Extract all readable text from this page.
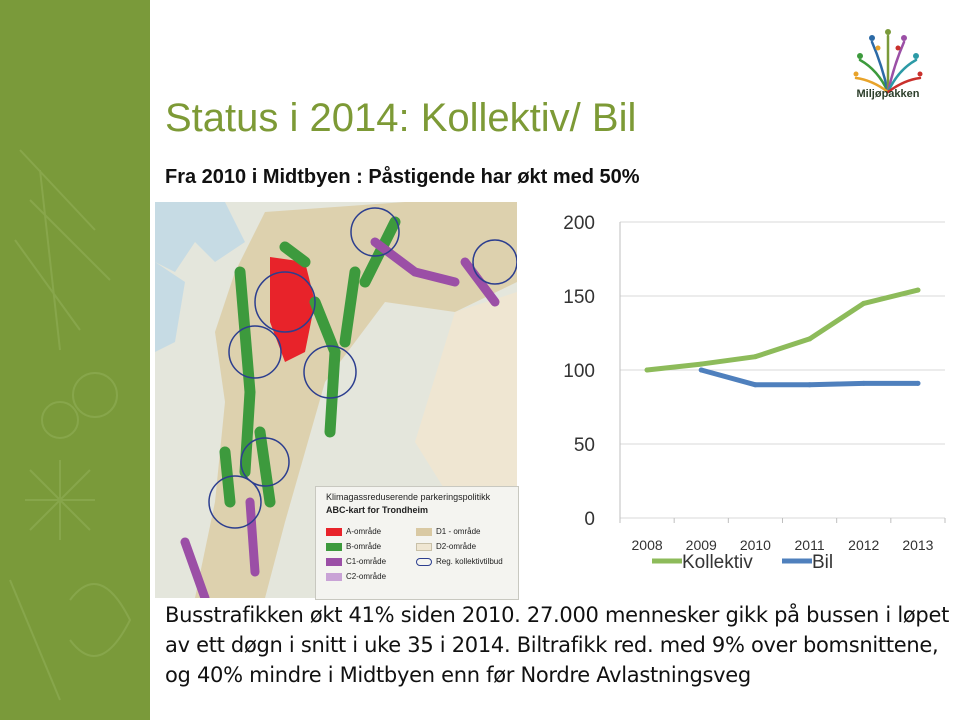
Status i 2014: Kollektiv/ Bil

Fra 2010 i Midtbyen : Påstigende har økt med 50%

Miljøpakken
Klimagassreduserende parkeringspolitikk
ABC-kart for Trondheim
A-område
B-område
C1-område
C2-område
D1 - område
D2-område
Reg. kollektivtilbud
0
50
100
150
200
2008 2009 2010 2011 2012 2013
Kollektiv	Bil

Busstrafikken økt 41% siden 2010. 27.000 mennesker gikk på bussen i løpet av ett døgn i snitt i uke 35 i 2014. Biltrafikk red. med 9% over bomsnittene, og 40% mindre i Midtbyen enn før Nordre Avlastningsveg
